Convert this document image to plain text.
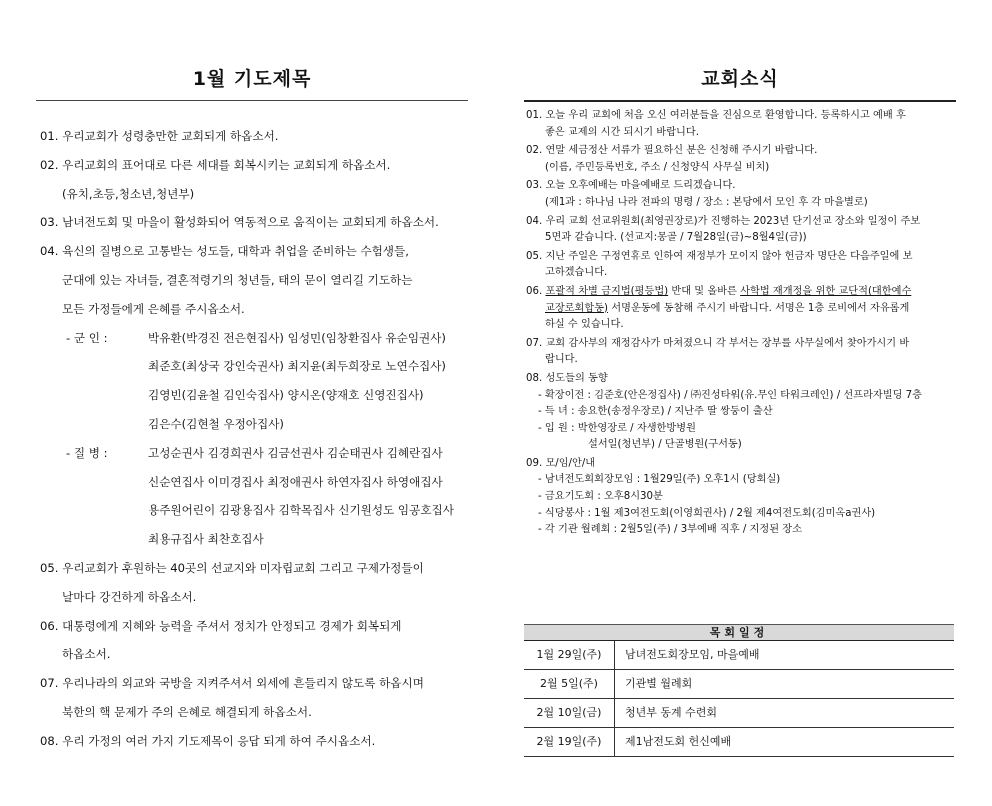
1월 기도제목
01. 우리교회가 성령충만한 교회되게 하옵소서.
02. 우리교회의 표어대로 다른 세대를 회복시키는 교회되게 하옵소서.
(유치,초등,청소년,청년부)
03. 남녀전도회 및 마을이 활성화되어 역동적으로 움직이는 교회되게 하옵소서.
04. 육신의 질병으로 고통받는 성도들, 대학과 취업을 준비하는 수험생들,
군대에 있는 자녀들, 결혼적령기의 청년들, 태의 문이 열리길 기도하는
모든 가정들에게 은혜를 주시옵소서.
- 군 인 :	박유환(박경진 전은현집사) 임성민(임창환집사 유순임권사)
최준호(최상국 강인숙권사) 최지윤(최두희장로 노연수집사)
김영빈(김윤철 김인숙집사) 양시온(양재호 신영진집사)
김은수(김현철 우정아집사)
- 질 병 :	고성순권사 김경희권사 김금선권사 김순태권사 김혜란집사
신순연집사 이미경집사 최정애권사 하연자집사 하영애집사
용주원어린이 김광용집사 김학목집사 신기원성도 임공호집사
최용규집사 최찬호집사
05. 우리교회가 후원하는 40곳의 선교지와 미자립교회 그리고 구제가정들이
날마다 강건하게 하옵소서.
06. 대통령에게 지혜와 능력을 주셔서 정치가 안정되고 경제가 회복되게
하옵소서.
07. 우리나라의 외교와 국방을 지켜주셔서 외세에 흔들리지 않도록 하옵시며
북한의 핵 문제가 주의 은혜로 해결되게 하옵소서.
08. 우리 가정의 여러 가지 기도제목이 응답 되게 하여 주시옵소서.
교회소식
01. 오늘 우리 교회에 처음 오신 여러분들을 진심으로 환영합니다. 등록하시고 예배 후
좋은 교제의 시간 되시기 바랍니다.
02. 연말 세금정산 서류가 필요하신 분은 신청해 주시기 바랍니다.
(이름, 주민등록번호, 주소 / 신청양식 사무실 비치)
03. 오늘 오후예배는 마을예배로 드리겠습니다.
(제1과 : 하나님 나라 전파의 명령 / 장소 : 본당에서 모인 후 각 마을별로)
04. 우리 교회 선교위원회(최영권장로)가 진행하는 2023년 단기선교 장소와 일정이 주보
5면과 같습니다. (선교지:몽골 / 7월28일(금)~8월4일(금))
05. 지난 주일은 구정연휴로 인하여 재정부가 모이지 않아 헌금자 명단은 다음주일에 보
고하겠습니다.
06. 포괄적 차별 금지법(평등법) 반대 및 올바른 사학법 재개정을 위한 교단적(대한예수
교장로회합동) 서명운동에 동참해 주시기 바랍니다. 서명은 1층 로비에서 자유롭게
하실 수 있습니다.
07. 교회 감사부의 재정감사가 마쳐졌으니 각 부서는 장부를 사무실에서 찾아가시기 바
랍니다.
08. 성도들의 동향
- 확장이전 : 김준호(안은정집사) / ㈜진성타워(유.무인 타워크레인) / 선프라자빌딩 7층
- 득 녀 : 송요한(송정우장로) / 지난주 딸 쌍둥이 출산
- 입 원 : 박한영장로 / 자생한방병원
설서일(청년부) / 단골병원(구서동)
09. 모/임/안/내
- 남녀전도회회장모임 : 1월29일(주) 오후1시 (당회실)
- 금요기도회 : 오후8시30분
- 식당봉사 : 1월 제3여전도회(이영희권사) / 2월 제4여전도회(김미옥a권사)
- 각 기관 월례회 : 2월5일(주) / 3부예배 직후 / 지정된 장소
목회일정
1월 29일(주)	남녀전도회장모임, 마을예배
2월 5일(주)	기관별 월례회
2월 10일(금)	청년부 동계 수련회
2월 19일(주)	제1남전도회 헌신예배
